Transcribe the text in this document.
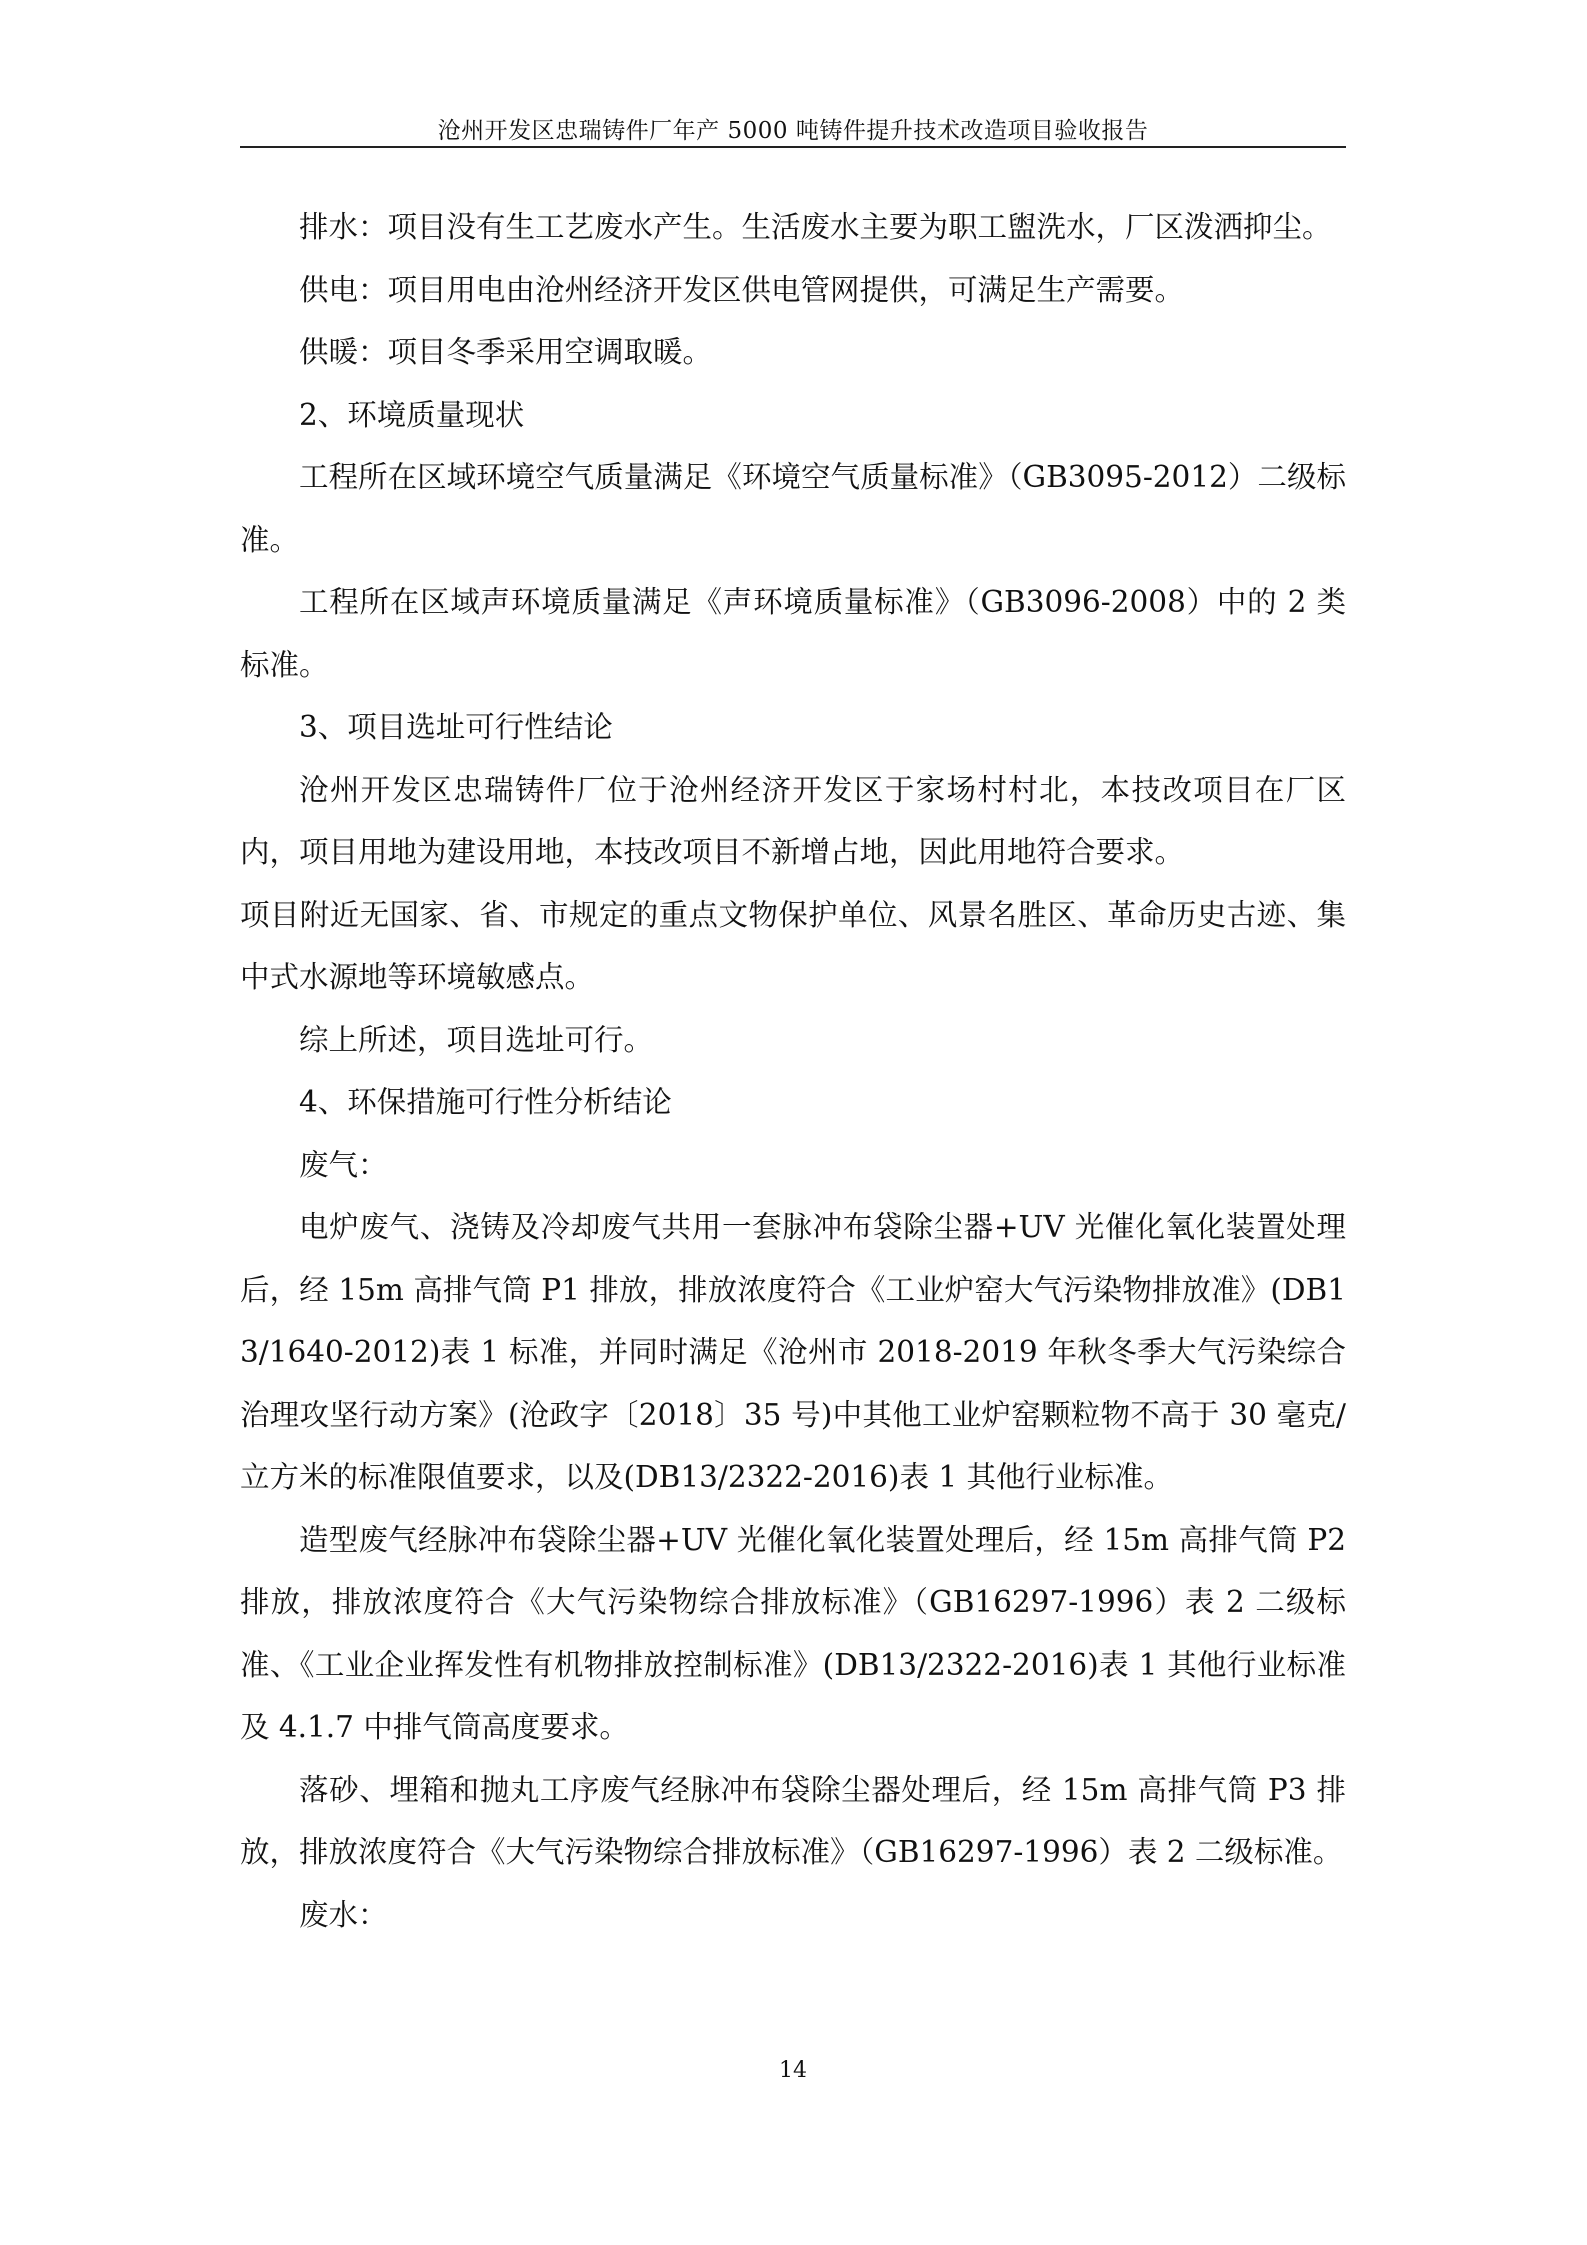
沧州开发区忠瑞铸件厂年产 5000 吨铸件提升技术改造项目验收报告

排水：项目没有生工艺废水产生。生活废水主要为职工盥洗水，厂区泼洒抑尘。

供电：项目用电由沧州经济开发区供电管网提供，可满足生产需要。

供暖：项目冬季采用空调取暖。

2、环境质量现状

工程所在区域环境空气质量满足《环境空气质量标准》（GB3095-2012）二级标准。

工程所在区域声环境质量满足《声环境质量标准》（GB3096-2008）中的 2 类标准。

3、项目选址可行性结论

沧州开发区忠瑞铸件厂位于沧州经济开发区于家场村村北，本技改项目在厂区内，项目用地为建设用地，本技改项目不新增占地，因此用地符合要求。

项目附近无国家、省、市规定的重点文物保护单位、风景名胜区、革命历史古迹、集中式水源地等环境敏感点。

综上所述，项目选址可行。

4、环保措施可行性分析结论

废气：

电炉废气、浇铸及冷却废气共用一套脉冲布袋除尘器+UV 光催化氧化装置处理后，经 15m 高排气筒 P1 排放，排放浓度符合《工业炉窑大气污染物排放准》(DB13/1640-2012)表 1 标准，并同时满足《沧州市 2018-2019 年秋冬季大气污染综合治理攻坚行动方案》(沧政字〔2018〕35 号)中其他工业炉窑颗粒物不高于 30 毫克/立方米的标准限值要求，以及(DB13/2322-2016)表 1 其他行业标准。

造型废气经脉冲布袋除尘器+UV 光催化氧化装置处理后，经 15m 高排气筒 P2 排放，排放浓度符合《大气污染物综合排放标准》（GB16297-1996）表 2 二级标准、《工业企业挥发性有机物排放控制标准》(DB13/2322-2016)表 1 其他行业标准及 4.1.7 中排气筒高度要求。

落砂、埋箱和抛丸工序废气经脉冲布袋除尘器处理后，经 15m 高排气筒 P3 排放，排放浓度符合《大气污染物综合排放标准》（GB16297-1996）表 2 二级标准。

废水：

14
